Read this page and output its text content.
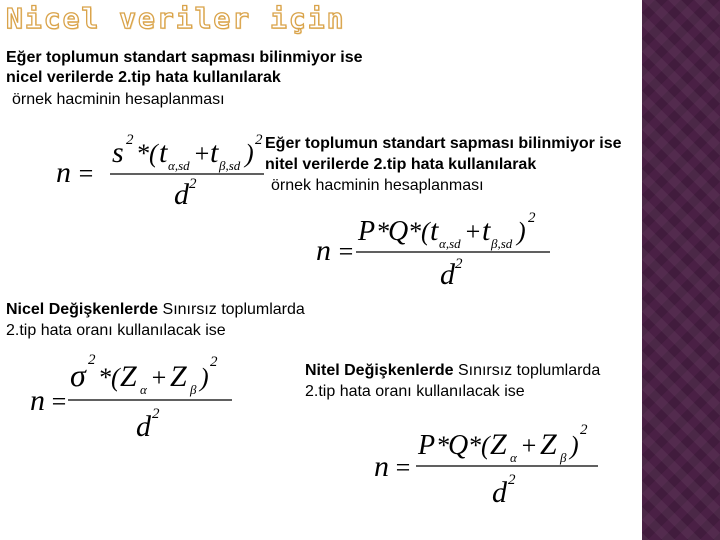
Nicel veriler için
Eğer toplumun standart sapması bilinmiyor ise
nicel verilerde 2.tip hata kullanılarak
örnek hacminin hesaplanması
n =
s 2 *( t α,sd + t β,sd ) 2
d 2
Eğer toplumun standart sapması bilinmiyor ise
nitel verilerde 2.tip hata kullanılarak
örnek hacminin hesaplanması
n =
P * Q *( t α,sd + t β,sd ) 2
d 2
Nicel Değişkenlerde Sınırsız toplumlarda
2.tip hata oranı kullanılacak ise
n =
σ 2
*( Z α + Z β )
2
d 2
Nitel Değişkenlerde Sınırsız toplumlarda
2.tip hata oranı kullanılacak ise
n =
P * Q *( Z α + Z β )
2
d 2
